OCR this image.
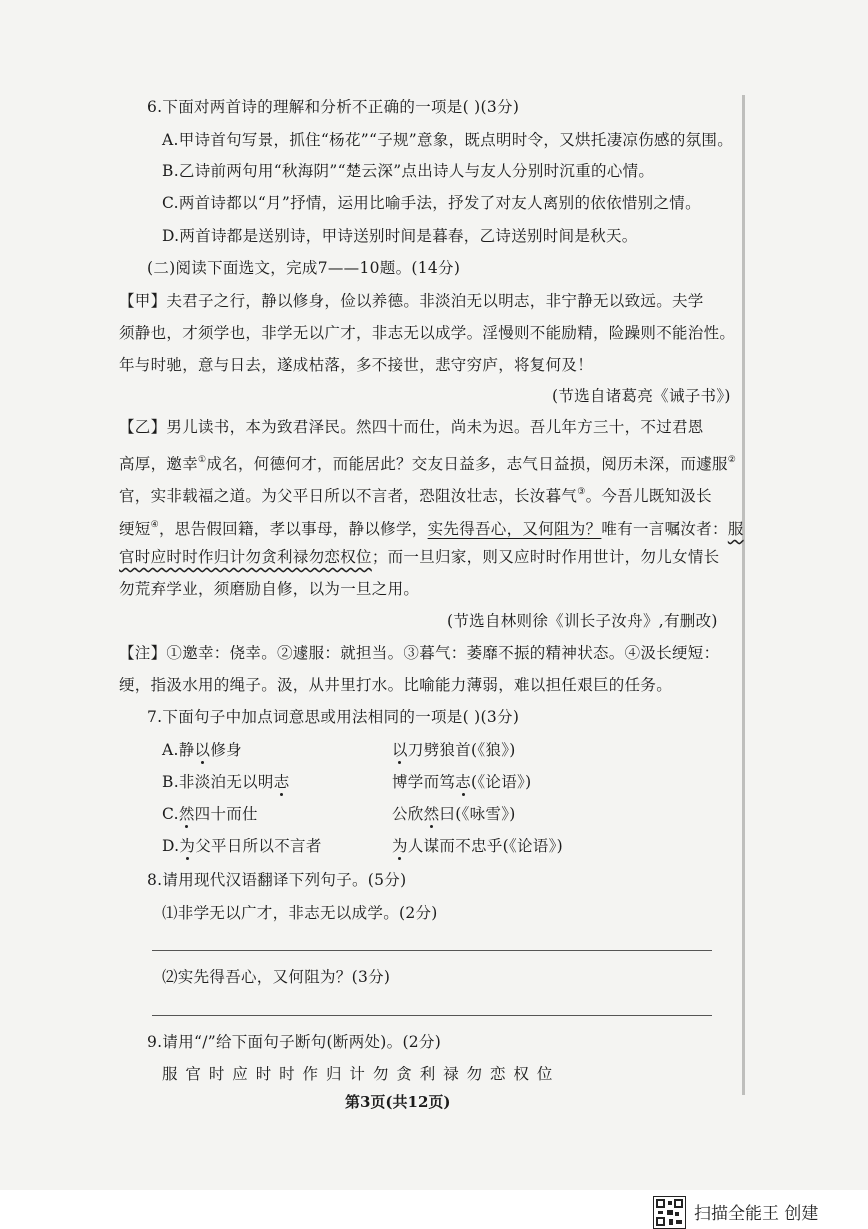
6.下面对两首诗的理解和分析不正确的一项是( )(3分)
A.甲诗首句写景，抓住“杨花”“子规”意象，既点明时令，又烘托凄凉伤感的氛围。
B.乙诗前两句用“秋海阴”“楚云深”点出诗人与友人分别时沉重的心情。
C.两首诗都以“月”抒情，运用比喻手法，抒发了对友人离别的依依惜别之情。
D.两首诗都是送别诗，甲诗送别时间是暮春，乙诗送别时间是秋天。
(二)阅读下面选文，完成7——10题。(14分)
【甲】夫君子之行，静以修身，俭以养德。非淡泊无以明志，非宁静无以致远。夫学
须静也，才须学也，非学无以广才，非志无以成学。淫慢则不能励精，险躁则不能治性。
年与时驰，意与日去，遂成枯落，多不接世，悲守穷庐，将复何及！
(节选自诸葛亮《诫子书》)
【乙】男儿读书，本为致君泽民。然四十而仕，尚未为迟。吾儿年方三十，不过君恩
高厚，邀幸①成名，何德何才，而能居此？交友日益多，志气日益损，阅历未深，而遽服②
官，实非载福之道。为父平日所以不言者，恐阻汝壮志，长汝暮气③。今吾儿既知汲长
绠短④，思告假回籍，孝以事母，静以修学，实先得吾心，又何阻为？唯有一言嘱汝者：服
官时应时时作归计勿贪利禄勿恋权位；而一旦归家，则又应时时作用世计，勿儿女情长
勿荒弃学业，须磨励自修，以为一旦之用。
(节选自林则徐《训长子汝舟》,有删改)
【注】①邀幸：侥幸。②遽服：就担当。③暮气：萎靡不振的精神状态。④汲长绠短：
绠，指汲水用的绳子。汲，从井里打水。比喻能力薄弱，难以担任艰巨的任务。
7.下面句子中加点词意思或用法相同的一项是( )(3分)
A.静以修身	以刀劈狼首(《狼》)
B.非淡泊无以明志	博学而笃志(《论语》)
C.然四十而仕	公欣然曰(《咏雪》)
D.为父平日所以不言者	为人谋而不忠乎(《论语》)
8.请用现代汉语翻译下列句子。(5分)
⑴非学无以广才，非志无以成学。(2分)
⑵实先得吾心，又何阻为？(3分)
9.请用“/”给下面句子断句(断两处)。(2分)
服 官 时 应 时 时 作 归 计 勿 贪 利 禄 勿 恋 权 位
第3页(共12页)
扫描全能王 创建
